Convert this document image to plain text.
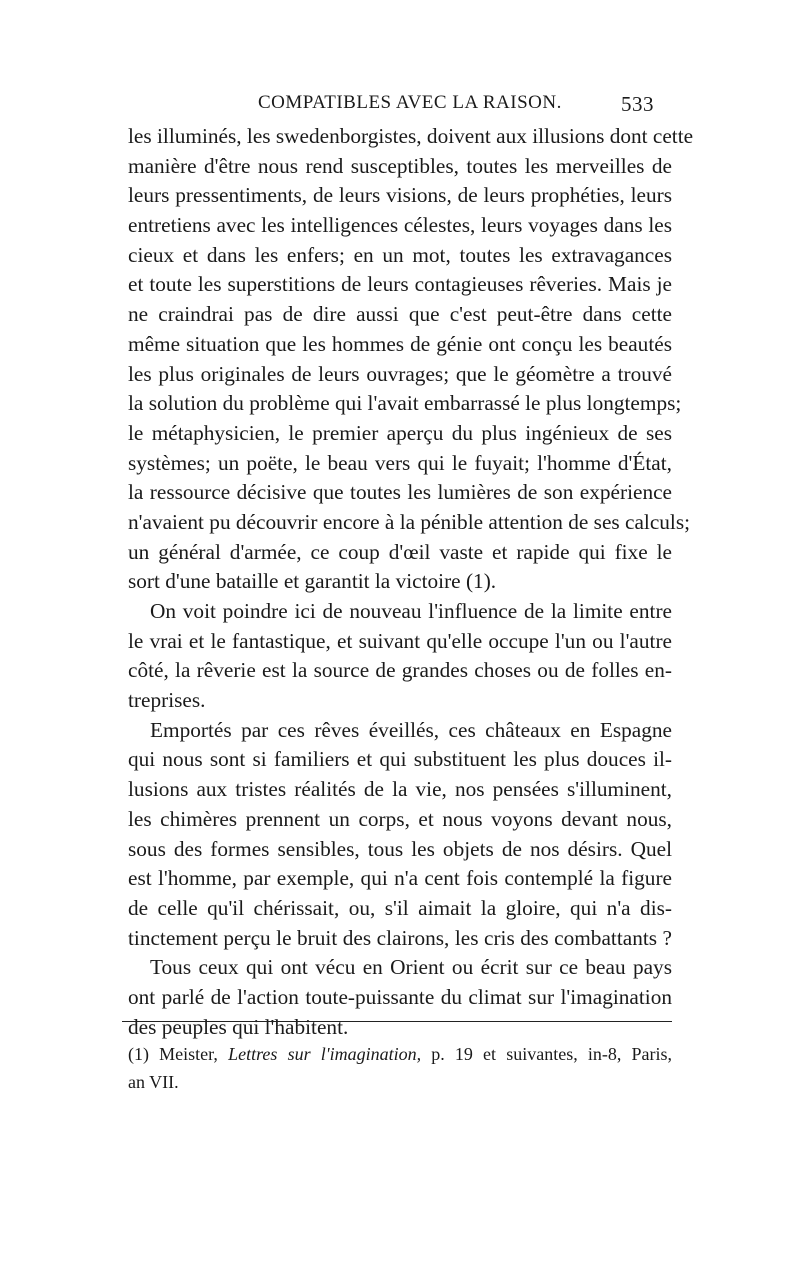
COMPATIBLES AVEC LA RAISON.	533
les illuminés, les swedenborgistes, doivent aux illusions dont cette
manière d'être nous rend susceptibles, toutes les merveilles de
leurs pressentiments, de leurs visions, de leurs prophéties, leurs
entretiens avec les intelligences célestes, leurs voyages dans les
cieux et dans les enfers; en un mot, toutes les extravagances
et toute les superstitions de leurs contagieuses rêveries. Mais je
ne craindrai pas de dire aussi que c'est peut-être dans cette
même situation que les hommes de génie ont conçu les beautés
les plus originales de leurs ouvrages; que le géomètre a trouvé
la solution du problème qui l'avait embarrassé le plus longtemps;
le métaphysicien, le premier aperçu du plus ingénieux de ses
systèmes; un poëte, le beau vers qui le fuyait; l'homme d'État,
la ressource décisive que toutes les lumières de son expérience
n'avaient pu découvrir encore à la pénible attention de ses calculs;
un général d'armée, ce coup d'œil vaste et rapide qui fixe le
sort d'une bataille et garantit la victoire (1).
On voit poindre ici de nouveau l'influence de la limite entre
le vrai et le fantastique, et suivant qu'elle occupe l'un ou l'autre
côté, la rêverie est la source de grandes choses ou de folles en-
treprises.
Emportés par ces rêves éveillés, ces châteaux en Espagne
qui nous sont si familiers et qui substituent les plus douces il-
lusions aux tristes réalités de la vie, nos pensées s'illuminent,
les chimères prennent un corps, et nous voyons devant nous,
sous des formes sensibles, tous les objets de nos désirs. Quel
est l'homme, par exemple, qui n'a cent fois contemplé la figure
de celle qu'il chérissait, ou, s'il aimait la gloire, qui n'a dis-
tinctement perçu le bruit des clairons, les cris des combattants ?
Tous ceux qui ont vécu en Orient ou écrit sur ce beau pays
ont parlé de l'action toute-puissante du climat sur l'imagination
des peuples qui l'habitent.
(1) Meister, Lettres sur l'imagination, p. 19 et suivantes, in-8, Paris,
an VII.
